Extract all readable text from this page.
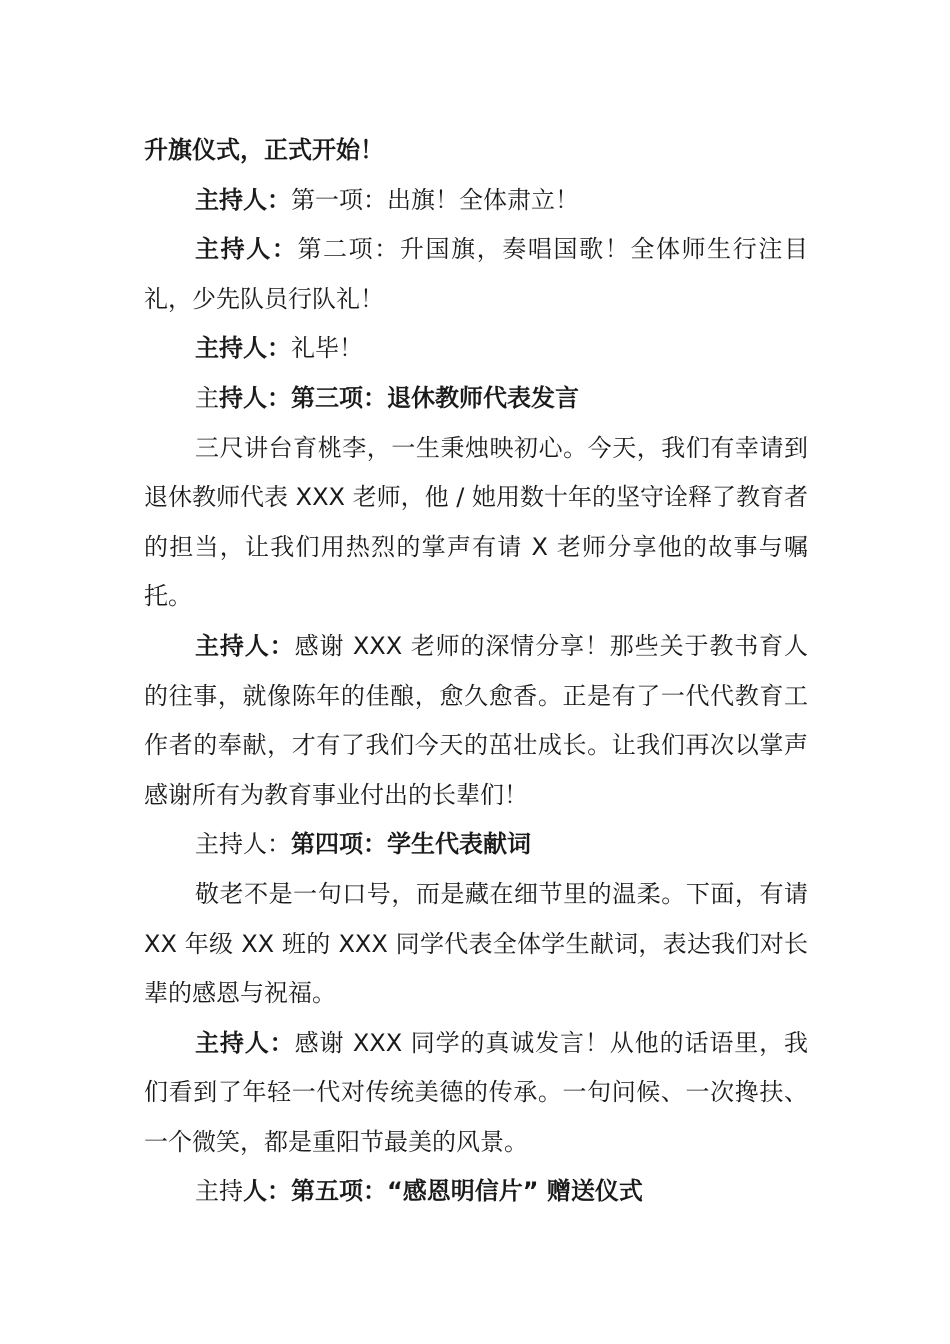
升旗仪式，正式开始！

主持人：第一项：出旗！全体肃立！

主持人：第二项：升国旗，奏唱国歌！全体师生行注目礼，少先队员行队礼！

主持人：礼毕！

主持人：第三项：退休教师代表发言

三尺讲台育桃李，一生秉烛映初心。今天，我们有幸请到退休教师代表 XXX 老师，他 / 她用数十年的坚守诠释了教育者的担当，让我们用热烈的掌声有请 X 老师分享他的故事与嘱托。

主持人：感谢 XXX 老师的深情分享！那些关于教书育人的往事，就像陈年的佳酿，愈久愈香。正是有了一代代教育工作者的奉献，才有了我们今天的茁壮成长。让我们再次以掌声感谢所有为教育事业付出的长辈们！

主持人：第四项：学生代表献词

敬老不是一句口号，而是藏在细节里的温柔。下面，有请 XX 年级 XX 班的 XXX 同学代表全体学生献词，表达我们对长辈的感恩与祝福。

主持人：感谢 XXX 同学的真诚发言！从他的话语里，我们看到了年轻一代对传统美德的传承。一句问候、一次搀扶、一个微笑，都是重阳节最美的风景。

主持人：第五项：“感恩明信片” 赠送仪式
